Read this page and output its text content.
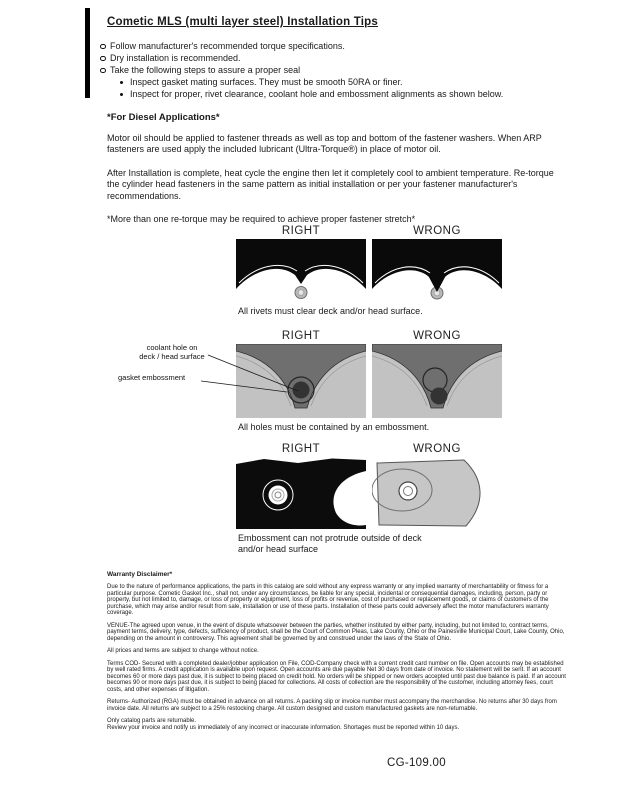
Cometic MLS (multi layer steel) Installation Tips
Follow manufacturer's recommended torque specifications.
Dry installation is recommended.
Take the following steps to assure a proper seal
Inspect gasket mating surfaces. They must be smooth 50RA or finer.
Inspect for proper, rivet clearance, coolant hole and embossment alignments as shown below.
*For Diesel Applications*

Motor oil should be applied to fastener threads as well as top and bottom of the fastener washers. When ARP fasteners are used apply the included lubricant (Ultra-Torque®) in place of motor oil.

After Installation is complete, heat cycle the engine then let it completely cool to ambient temperature. Re-torque the cylinder head fasteners in the same pattern as initial installation or per your fastener manufacturer's recommendations.

*More than one re-torque may be required to achieve proper fastener stretch*

RIGHT	WRONG
All rivets must clear deck and/or head surface.
RIGHT	WRONG
All holes must be contained by an embossment.
RIGHT	WRONG
Embossment can not protrude outside of deck
and/or head surface
coolant hole on
deck / head surface
gasket embossment
Warranty Disclaimer*

Due to the nature of performance applications, the parts in this catalog are sold without any express warranty or any implied warranty of merchantability or fitness for a particular purpose. Cometic Gasket Inc., shall not, under any circumstances, be liable for any special, incidental or consequential damages, including, person, party or property, but not limited to, damage, or loss of property or equipment, loss of profits or revenue, cost of purchased or replacement goods, or claims of customers of the purchase, which may arise and/or result from sale, installation or use of these parts. Installation of these parts could adversely affect the motor manufacturers warranty coverage.

VENUE-The agreed upon venue, in the event of dispute whatsoever between the parties, whether instituted by either party, including, but not limited to, contract terms, payment terms, delivery, type, defects, sufficiency of product, shall be the Court of Common Pleas, Lake County, Ohio or the Painesville Municipal Court, Lake County, Ohio, depending on the amount in controversy. This agreement shall be governed by and construed under the laws of the State of Ohio.

All prices and terms are subject to change without notice.

Terms COD- Secured with a completed dealer/jobber application on File, COD-Company check with a current credit card number on file. Open accounts may be established by well rated firms. A credit application is available upon request. Open accounts are due payable Net 30 days from date of invoice. No statement will be sent. If an account becomes 60 or more days past due, it is subject to being placed on credit hold. No orders will be shipped or new orders accepted until past due balance is paid. If an account becomes 90 or more days past due, it is subject to being placed for collections. All costs of collection are the responsibility of the customer, including attorney fees, court costs, and other expenses of litigation.

Returns- Authorized (RGA) must be obtained in advance on all returns. A packing slip or invoice number must accompany the merchandise. No returns after 30 days from invoice date. All returns are subject to a 25% restocking charge. All custom designed and custom manufactured gaskets are non-returnable.

Only catalog parts are returnable.

Review your invoice and notify us immediately of any incorrect or inaccurate information. Shortages must be reported within 10 days.

CG-109.00
